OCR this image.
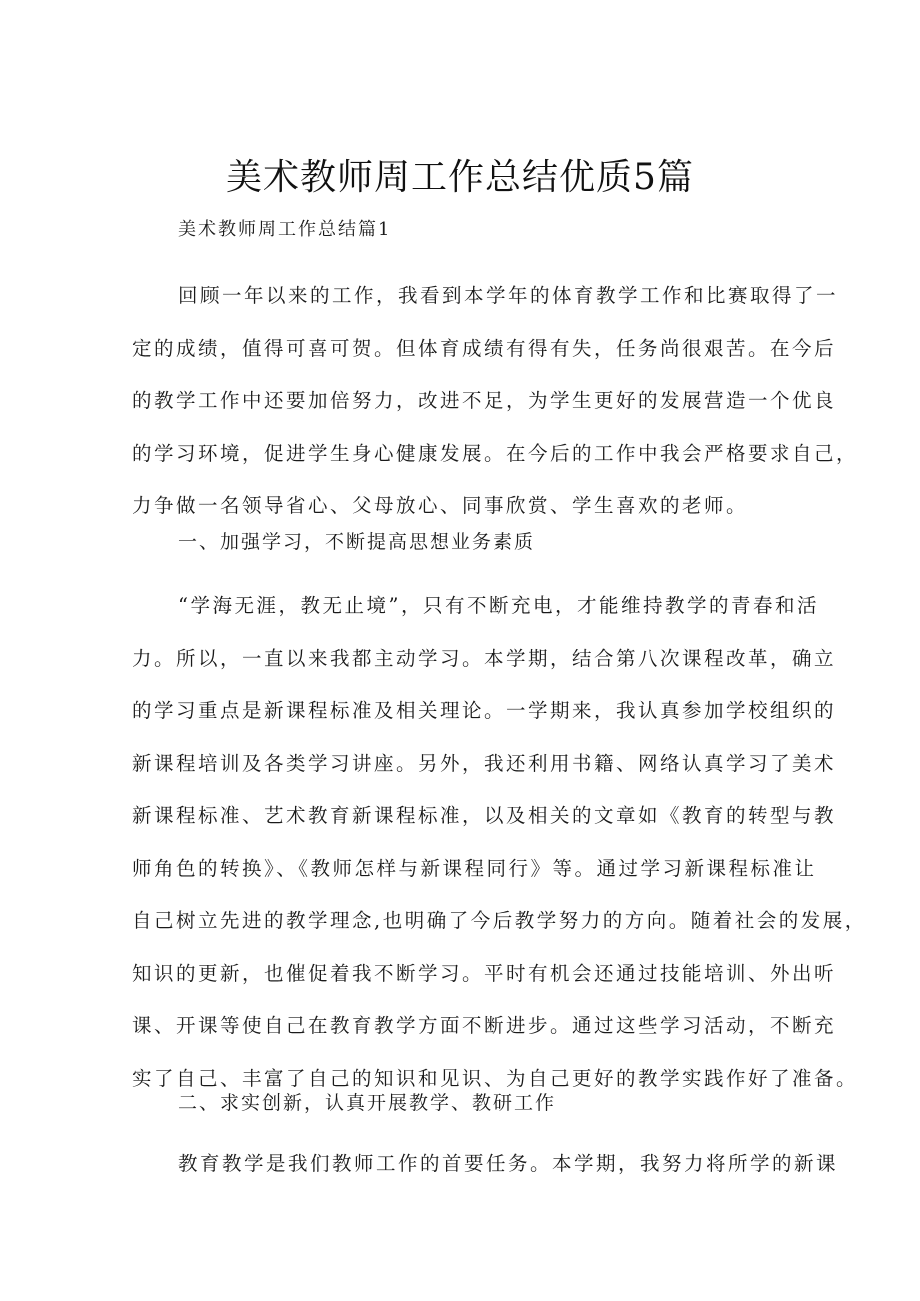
美术教师周工作总结优质5篇
美术教师周工作总结篇1
回顾一年以来的工作，我看到本学年的体育教学工作和比赛取得了一
定的成绩，值得可喜可贺。但体育成绩有得有失，任务尚很艰苦。在今后
的教学工作中还要加倍努力，改进不足，为学生更好的发展营造一个优良
的学习环境，促进学生身心健康发展。在今后的工作中我会严格要求自己，
力争做一名领导省心、父母放心、同事欣赏、学生喜欢的老师。
一、加强学习，不断提高思想业务素质
“学海无涯，教无止境”，只有不断充电，才能维持教学的青春和活
力。所以，一直以来我都主动学习。本学期，结合第八次课程改革，确立
的学习重点是新课程标准及相关理论。一学期来，我认真参加学校组织的
新课程培训及各类学习讲座。另外，我还利用书籍、网络认真学习了美术
新课程标准、艺术教育新课程标准，以及相关的文章如《教育的转型与教
师角色的转换》、《教师怎样与新课程同行》等。通过学习新课程标准让
自己树立先进的教学理念,也明确了今后教学努力的方向。随着社会的发展，
知识的更新，也催促着我不断学习。平时有机会还通过技能培训、外出听
课、开课等使自己在教育教学方面不断进步。通过这些学习活动，不断充
实了自己、丰富了自己的知识和见识、为自己更好的教学实践作好了准备。
二、求实创新，认真开展教学、教研工作
教育教学是我们教师工作的首要任务。本学期，我努力将所学的新课
